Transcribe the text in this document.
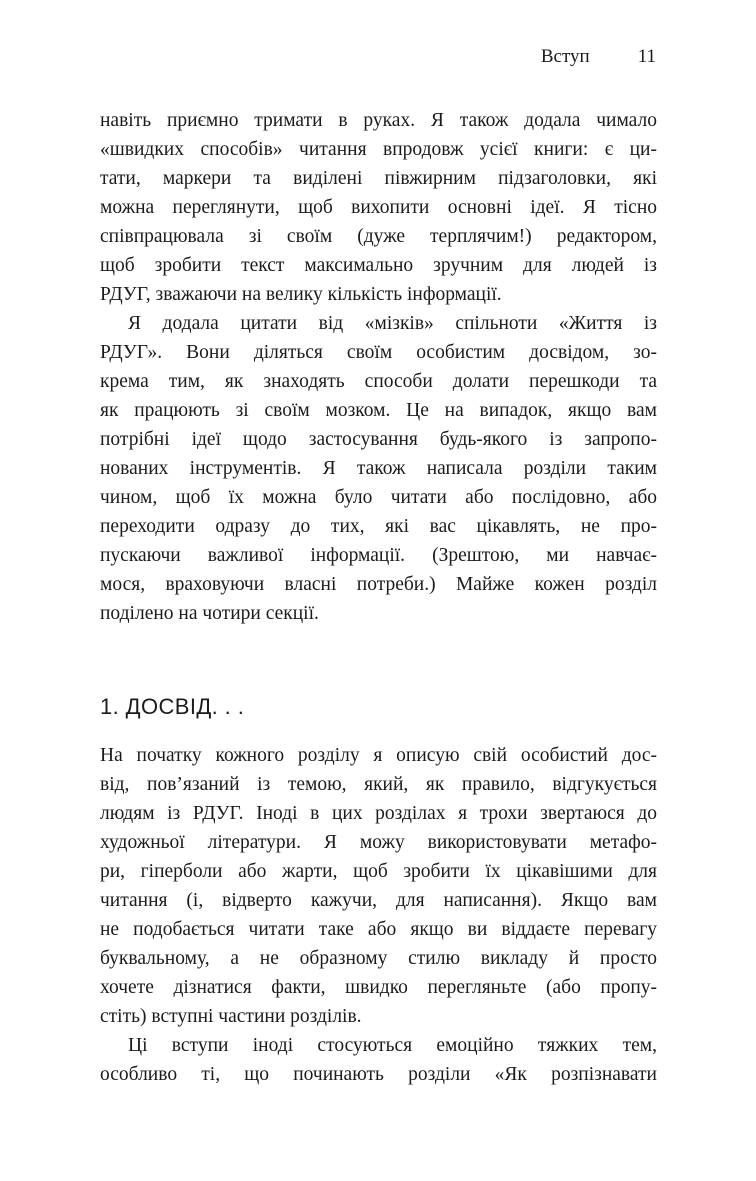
Вступ	11
навіть приємно тримати в руках. Я також додала чимало
«швидких способів» читання впродовж усієї книги: є ци-
тати, маркери та виділені півжирним підзаголовки, які
можна переглянути, щоб вихопити основні ідеї. Я тісно
співпрацювала зі своїм (дуже терплячим!) редактором,
щоб зробити текст максимально зручним для людей із
РДУГ, зважаючи на велику кількість інформації.
Я додала цитати від «мізків» спільноти «Життя із
РДУГ». Вони діляться своїм особистим досвідом, зо-
крема тим, як знаходять способи долати перешкоди та
як працюють зі своїм мозком. Це на випадок, якщо вам
потрібні ідеї щодо застосування будь-якого із запропо-
нованих інструментів. Я також написала розділи таким
чином, щоб їх можна було читати або послідовно, або
переходити одразу до тих, які вас цікавлять, не про-
пускаючи важливої інформації. (Зрештою, ми навчає-
мося, враховуючи власні потреби.) Майже кожен розділ
поділено на чотири секції.
1. ДОСВІД. . .
На початку кожного розділу я описую свій особистий дос-
від, пов’язаний із темою, який, як правило, відгукується
людям із РДУГ. Іноді в цих розділах я трохи звертаюся до
художньої літератури. Я можу використовувати метафо-
ри, гіперболи або жарти, щоб зробити їх цікавішими для
читання (і, відверто кажучи, для написання). Якщо вам
не подобається читати таке або якщо ви віддаєте перевагу
буквальному, а не образному стилю викладу й просто
хочете дізнатися факти, швидко перегляньте (або пропу-
стіть) вступні частини розділів.
Ці вступи іноді стосуються емоційно тяжких тем,
особливо ті, що починають розділи «Як розпізнавати
